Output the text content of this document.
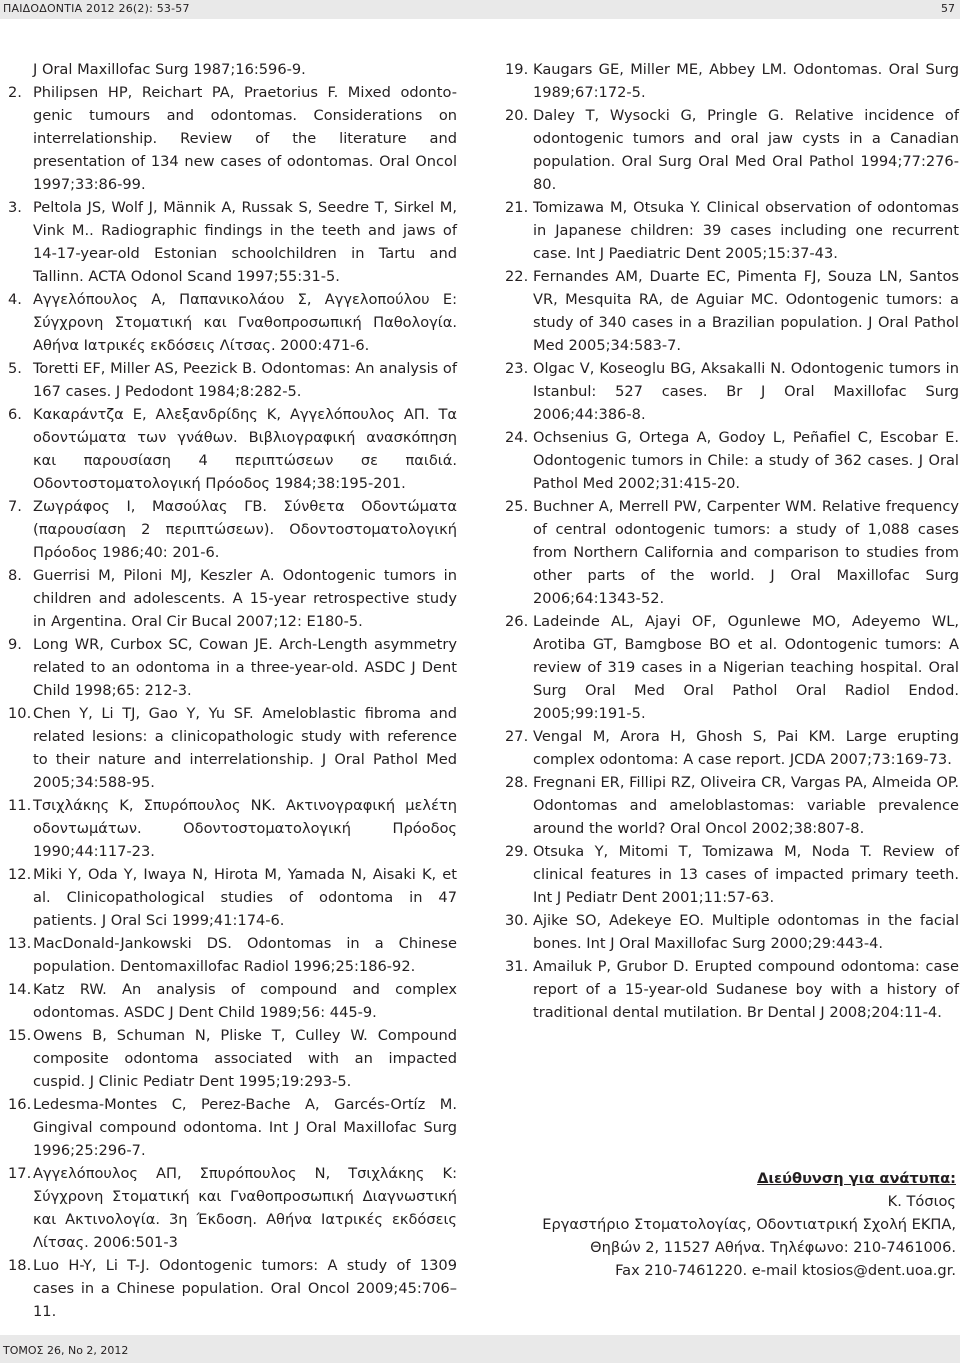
ΠΑΙΔΟΔΟΝΤΙΑ 2012 26(2): 53-57	57
J Oral Maxillofac Surg 1987;16:596-9.
2. Philipsen HP, Reichart PA, Praetorius F. Mixed odonto-genic tumours and odontomas. Considerations on interrelationship. Review of the literature and presentation of 134 new cases of odontomas. Oral Oncol 1997;33:86-99.
3. Peltola JS, Wolf J, Männik A, Russak S, Seedre T, Sirkel M, Vink M.. Radiographic findings in the teeth and jaws of 14-17-year-old Estonian schoolchildren in Tartu and Tallinn. ACTA Odonol Scand 1997;55:31-5.
4. Αγγελόπουλος Α, Παπανικολάου Σ, Αγγελοπούλου Ε: Σύγχρονη Στοματική και Γναθοπροσωπική Παθολογία. Αθήνα Ιατρικές εκδόσεις Λίτσας. 2000:471-6.
5. Toretti EF, Miller AS, Peezick B. Odontomas: An analysis of 167 cases. J Pedodont 1984;8:282-5.
6. Κακαράντζα Ε, Αλεξανδρίδης Κ, Αγγελόπουλος ΑΠ. Τα οδοντώματα των γνάθων. Βιβλιογραφική ανασκόπηση και παρουσίαση 4 περιπτώσεων σε παιδιά. Οδοντοστοματολογική Πρόοδος 1984;38:195-201.
7. Ζωγράφος Ι, Μασούλας ΓΒ. Σύνθετα Οδοντώματα (παρουσίαση 2 περιπτώσεων). Οδοντοστοματολογική Πρόοδος 1986;40: 201-6.
8. Guerrisi M, Piloni MJ, Keszler A. Odontogenic tumors in children and adolescents. A 15-year retrospective study in Argentina. Oral Cir Bucal 2007;12: E180-5.
9. Long WR, Curbox SC, Cowan JE. Arch-Length asymmetry related to an odontoma in a three-year-old. ASDC J Dent Child 1998;65: 212-3.
10. Chen Y, Li TJ, Gao Y, Yu SF. Ameloblastic fibroma and related lesions: a clinicopathologic study with reference to their nature and interrelationship. J Oral Pathol Med 2005;34:588-95.
11. Τσιχλάκης Κ, Σπυρόπουλος ΝΚ. Ακτινογραφική μελέτη οδοντωμάτων. Οδοντοστοματολογική Πρόοδος 1990;44:117-23.
12. Miki Y, Oda Y, Iwaya N, Hirota M, Yamada N, Aisaki K, et al. Clinicopathological studies of odontoma in 47 patients. J Oral Sci 1999;41:174-6.
13. MacDonald-Jankowski DS. Odontomas in a Chinese population. Dentomaxillofac Radiol 1996;25:186-92.
14. Katz RW. An analysis of compound and complex odontomas. ASDC J Dent Child 1989;56: 445-9.
15. Owens B, Schuman N, Pliske T, Culley W. Compound composite odontoma associated with an impacted cuspid. J Clinic Pediatr Dent 1995;19:293-5.
16. Ledesma-Montes C, Perez-Bache A, Garcés-Ortíz M. Gingival compound odontoma. Int J Oral Maxillofac Surg 1996;25:296-7.
17. Αγγελόπουλος ΑΠ, Σπυρόπουλος Ν, Τσιχλάκης Κ: Σύγχρονη Στοματική και Γναθοπροσωπική Διαγνωστική και Ακτινολογία. 3η Έκδοση. Αθήνα Ιατρικές εκδόσεις Λίτσας. 2006:501-3
18. Luo H-Y, Li T-J. Odontogenic tumors: A study of 1309 cases in a Chinese population. Oral Oncol 2009;45:706–11.
19. Kaugars GE, Miller ME, Abbey LM. Odontomas. Oral Surg 1989;67:172-5.
20. Daley T, Wysocki G, Pringle G. Relative incidence of odontogenic tumors and oral jaw cysts in a Canadian population. Oral Surg Oral Med Oral Pathol 1994;77:276-80.
21. Tomizawa M, Otsuka Y. Clinical observation of odontomas in Japanese children: 39 cases including one recurrent case. Int J Paediatric Dent 2005;15:37-43.
22. Fernandes AM, Duarte EC, Pimenta FJ, Souza LN, Santos VR, Mesquita RA, de Aguiar MC. Odontogenic tumors: a study of 340 cases in a Brazilian population. J Oral Pathol Med 2005;34:583-7.
23. Olgac V, Koseoglu BG, Aksakalli N. Odontogenic tumors in Istanbul: 527 cases. Br J Oral Maxillofac Surg 2006;44:386-8.
24. Ochsenius G, Ortega A, Godoy L, Peñafiel C, Escobar E. Odontogenic tumors in Chile: a study of 362 cases. J Oral Pathol Med 2002;31:415-20.
25. Buchner A, Merrell PW, Carpenter WM. Relative frequency of central odontogenic tumors: a study of 1,088 cases from Northern California and comparison to studies from other parts of the world. J Oral Maxillofac Surg 2006;64:1343-52.
26. Ladeinde AL, Ajayi OF, Ogunlewe MO, Adeyemo WL, Arotiba GT, Bamgbose BO et al. Odontogenic tumors: A review of 319 cases in a Nigerian teaching hospital. Oral Surg Oral Med Oral Pathol Oral Radiol Endod. 2005;99:191-5.
27. Vengal M, Arora H, Ghosh S, Pai KM. Large erupting complex odontoma: A case report. JCDA 2007;73:169-73.
28. Fregnani ER, Fillipi RZ, Oliveira CR, Vargas PA, Almeida OP. Odontomas and ameloblastomas: variable prevalence around the world? Oral Oncol 2002;38:807-8.
29. Otsuka Y, Mitomi T, Tomizawa M, Noda T. Review of clinical features in 13 cases of impacted primary teeth. Int J Pediatr Dent 2001;11:57-63.
30. Ajike SO, Adekeye EO. Multiple odontomas in the facial bones. Int J Oral Maxillofac Surg 2000;29:443-4.
31. Amailuk P, Grubor D. Erupted compound odontoma: case report of a 15-year-old Sudanese boy with a history of traditional dental mutilation. Br Dental J 2008;204:11-4.
Διεύθυνση για ανάτυπα:
Κ. Τόσιος
Εργαστήριο Στοματολογίας, Οδοντιατρική Σχολή ΕΚΠΑ,
Θηβών 2, 11527 Αθήνα. Τηλέφωνο: 210-7461006.
Fax 210-7461220. e-mail ktosios@dent.uoa.gr.
ΤΟΜΟΣ 26, Νο 2, 2012
